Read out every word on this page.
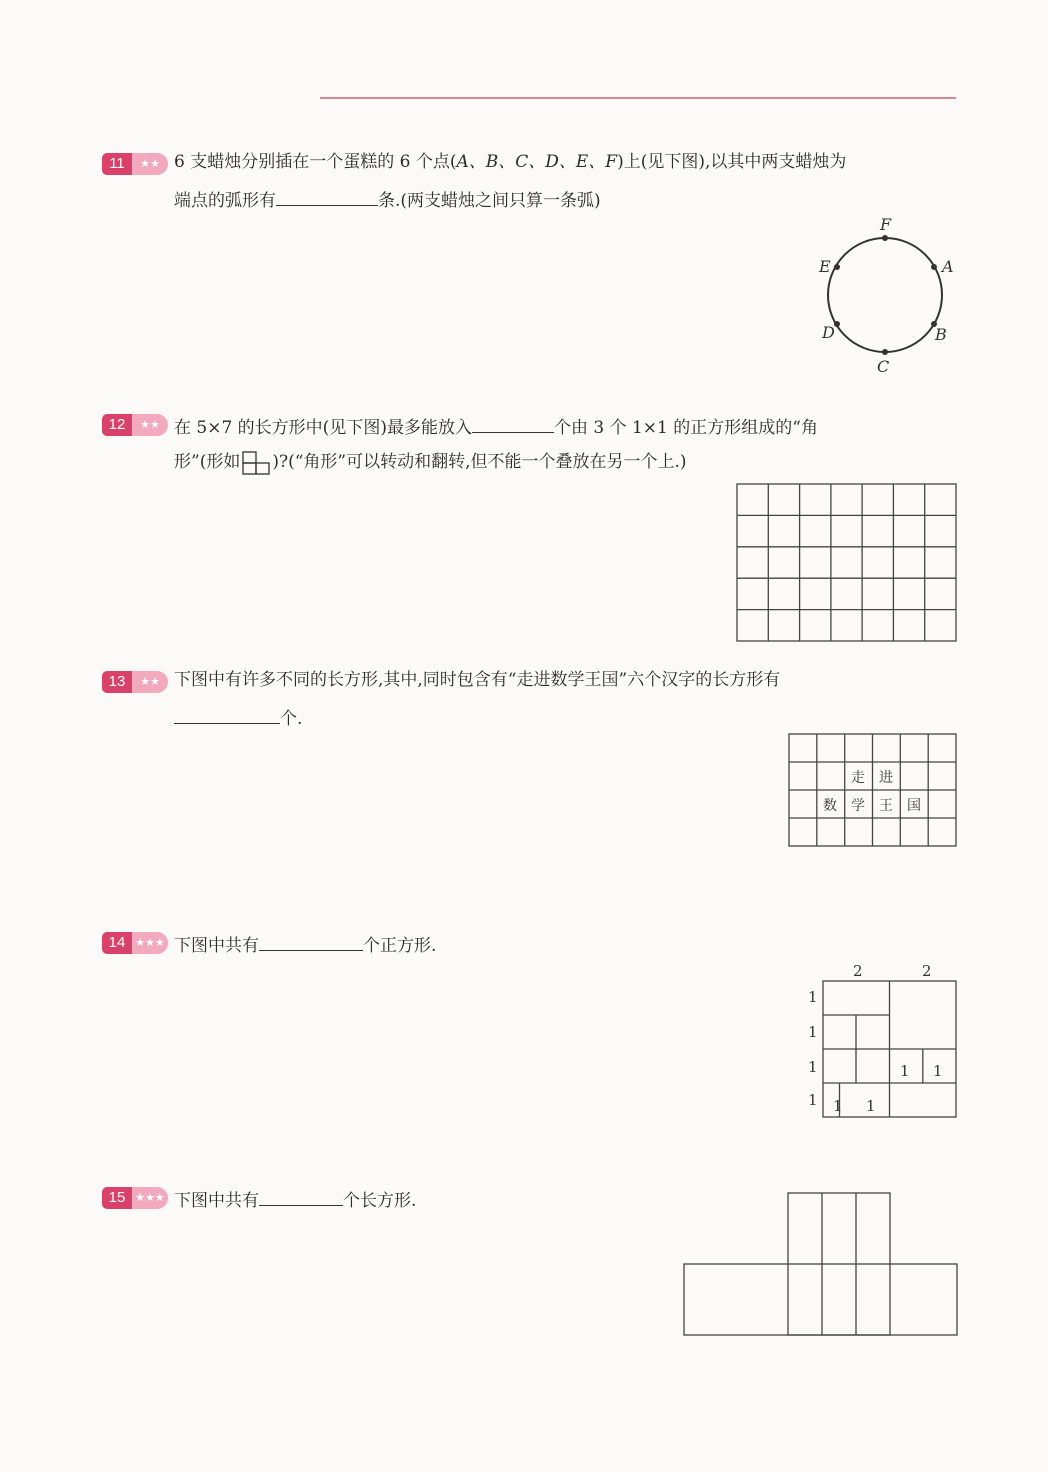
11	★★ 6 支蜡烛分别插在一个蛋糕的 6 个点(A、B、C、D、E、F)上(见下图),以其中两支蜡烛为
端点的弧形有	条.(两支蜡烛之间只算一条弧)
F
A
B
C
D
E
12	★★ 在 5×7 的长方形中(见下图)最多能放入	个由 3 个 1×1 的正方形组成的“角
形”(形如 )?(“角形”可以转动和翻转,但不能一个叠放在另一个上.)
13	★★ 下图中有许多不同的长方形,其中,同时包含有“走进数学王国”六个汉字的长方形有
个.
走 进
数 学 王 国
14 ★★★ 下图中共有	个正方形.
2	2
1
1
1
1
1 1
1 1
15 ★★★ 下图中共有	个长方形.
